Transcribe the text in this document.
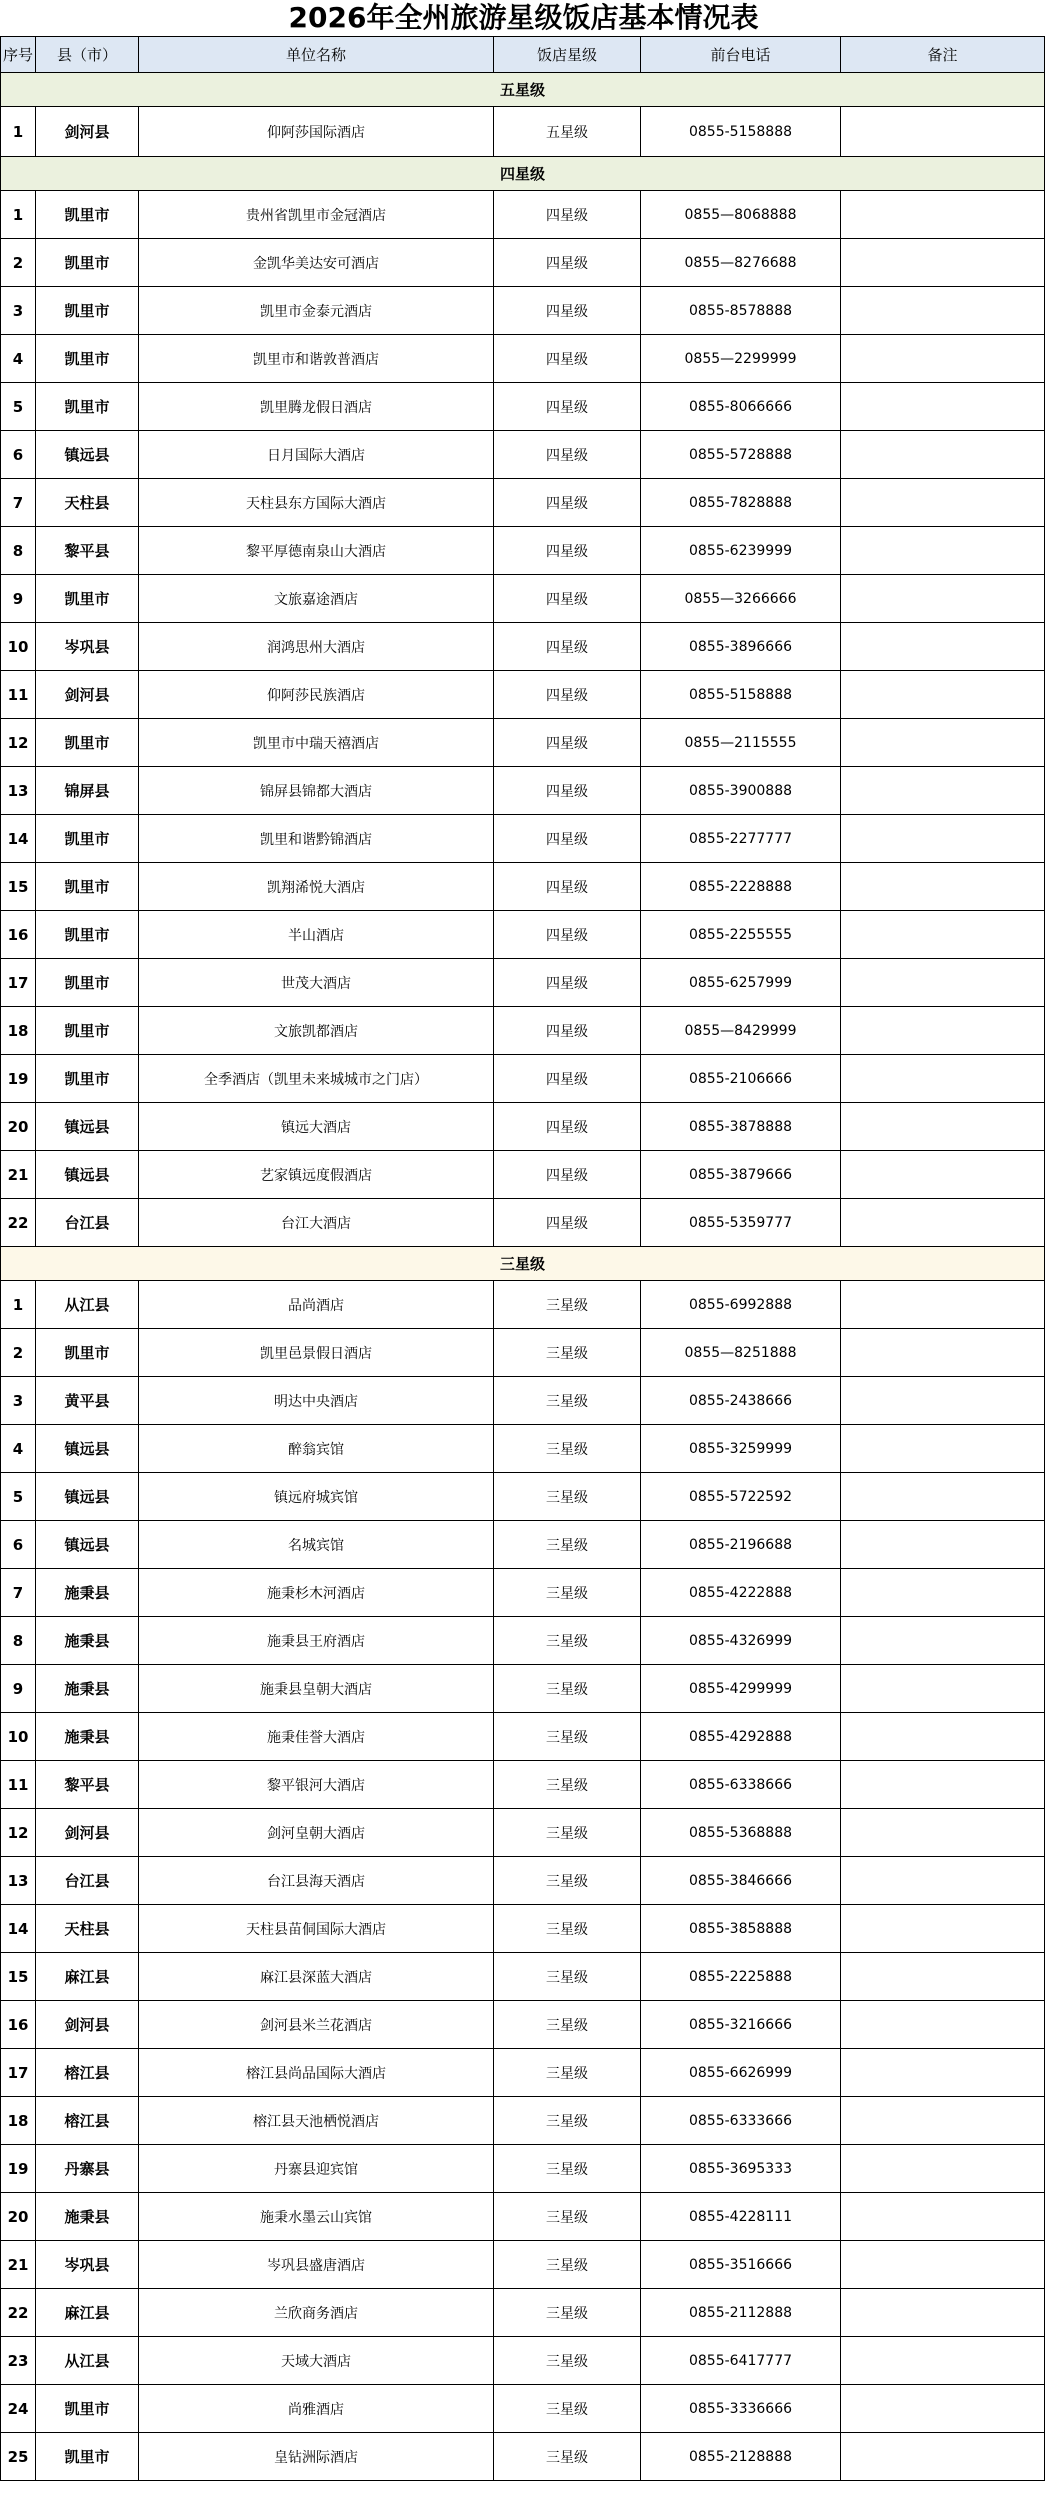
2026年全州旅游星级饭店基本情况表
序号	县（市）	单位名称	饭店星级	前台电话	备注
五星级					
1	剑河县	仰阿莎国际酒店	五星级	0855-5158888	
四星级					
1	凯里市	贵州省凯里市金冠酒店	四星级	0855—8068888	
2	凯里市	金凯华美达安可酒店	四星级	0855—8276688	
3	凯里市	凯里市金泰元酒店	四星级	0855-8578888	
4	凯里市	凯里市和谐敦普酒店	四星级	0855—2299999	
5	凯里市	凯里腾龙假日酒店	四星级	0855-8066666	
6	镇远县	日月国际大酒店	四星级	0855-5728888	
7	天柱县	天柱县东方国际大酒店	四星级	0855-7828888	
8	黎平县	黎平厚德南泉山大酒店	四星级	0855-6239999	
9	凯里市	文旅嘉途酒店	四星级	0855—3266666	
10	岑巩县	润鸿思州大酒店	四星级	0855-3896666	
11	剑河县	仰阿莎民族酒店	四星级	0855-5158888	
12	凯里市	凯里市中瑞天禧酒店	四星级	0855—2115555	
13	锦屏县	锦屏县锦都大酒店	四星级	0855-3900888	
14	凯里市	凯里和谐黔锦酒店	四星级	0855-2277777	
15	凯里市	凯翔浠悦大酒店	四星级	0855-2228888	
16	凯里市	半山酒店	四星级	0855-2255555	
17	凯里市	世茂大酒店	四星级	0855-6257999	
18	凯里市	文旅凯都酒店	四星级	0855—8429999	
19	凯里市	全季酒店（凯里未来城城市之门店）	四星级	0855-2106666	
20	镇远县	镇远大酒店	四星级	0855-3878888	
21	镇远县	艺家镇远度假酒店	四星级	0855-3879666	
22	台江县	台江大酒店	四星级	0855-5359777	
三星级					
1	从江县	品尚酒店	三星级	0855-6992888	
2	凯里市	凯里邑景假日酒店	三星级	0855—8251888	
3	黄平县	明达中央酒店	三星级	0855-2438666	
4	镇远县	醉翁宾馆	三星级	0855-3259999	
5	镇远县	镇远府城宾馆	三星级	0855-5722592	
6	镇远县	名城宾馆	三星级	0855-2196688	
7	施秉县	施秉杉木河酒店	三星级	0855-4222888	
8	施秉县	施秉县王府酒店	三星级	0855-4326999	
9	施秉县	施秉县皇朝大酒店	三星级	0855-4299999	
10	施秉县	施秉佳誉大酒店	三星级	0855-4292888	
11	黎平县	黎平银河大酒店	三星级	0855-6338666	
12	剑河县	剑河皇朝大酒店	三星级	0855-5368888	
13	台江县	台江县海天酒店	三星级	0855-3846666	
14	天柱县	天柱县苗侗国际大酒店	三星级	0855-3858888	
15	麻江县	麻江县深蓝大酒店	三星级	0855-2225888	
16	剑河县	剑河县米兰花酒店	三星级	0855-3216666	
17	榕江县	榕江县尚品国际大酒店	三星级	0855-6626999	
18	榕江县	榕江县天池栖悦酒店	三星级	0855-6333666	
19	丹寨县	丹寨县迎宾馆	三星级	0855-3695333	
20	施秉县	施秉水墨云山宾馆	三星级	0855-4228111	
21	岑巩县	岑巩县盛唐酒店	三星级	0855-3516666	
22	麻江县	兰欣商务酒店	三星级	0855-2112888	
23	从江县	天域大酒店	三星级	0855-6417777	
24	凯里市	尚雅酒店	三星级	0855-3336666	
25	凯里市	皇钻洲际酒店	三星级	0855-2128888	
